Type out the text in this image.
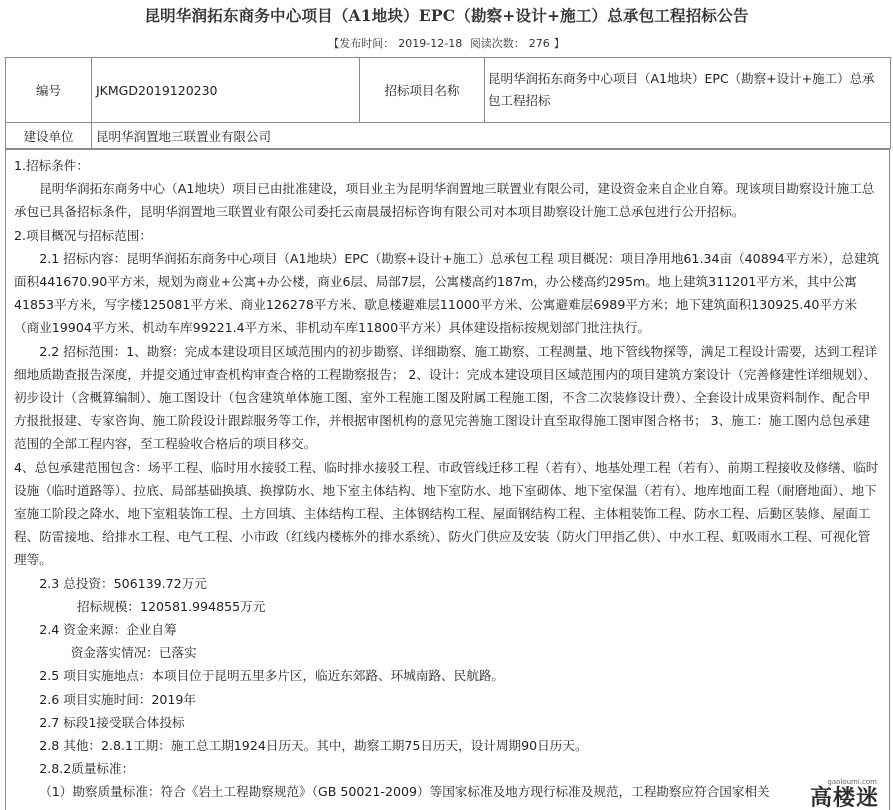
昆明华润拓东商务中心项目（A1地块）EPC（勘察+设计+施工）总承包工程招标公告
【发布时间： 2019-12-18 阅读次数： 276 】
编号	JKMGD2019120230	招标项目名称	昆明华润拓东商务中心项目（A1地块）EPC（勘察+设计+施工）总承包工程招标
建设单位	昆明华润置地三联置业有限公司		

1.招标条件：

昆明华润拓东商务中心（A1地块）项目已由批准建设，项目业主为昆明华润置地三联置业有限公司，建设资金来自企业自筹。现该项目勘察设计施工总承包已具备招标条件，昆明华润置地三联置业有限公司委托云南晨晟招标咨询有限公司对本项目勘察设计施工总承包进行公开招标。

2.项目概况与招标范围：

2.1 招标内容：昆明华润拓东商务中心项目（A1地块）EPC（勘察+设计+施工）总承包工程 项目概况：项目净用地61.34亩（40894平方米），总建筑面积441670.90平方米，规划为商业+公寓+办公楼，商业6层、局部7层，公寓楼高约187m，办公楼高约295m。地上建筑311201平方米，其中公寓41853平方米，写字楼125081平方米、商业126278平方米、歇息楼避难层11000平方米、公寓避难层6989平方米；地下建筑面积130925.40平方米（商业19904平方米、机动车库99221.4平方米、非机动车库11800平方米）具体建设指标按规划部门批注执行。

2.2 招标范围：1、勘察：完成本建设项目区域范围内的初步勘察、详细勘察、施工勘察、工程测量、地下管线物探等，满足工程设计需要，达到工程详细地质勘查报告深度，并提交通过审查机构审查合格的工程勘察报告； 2、设计：完成本建设项目区域范围内的项目建筑方案设计（完善修建性详细规划）、初步设计（含概算编制）、施工图设计（包含建筑单体施工图、室外工程施工图及附属工程施工图，不含二次装修设计费）、全套设计成果资料制作、配合甲方报批报建、专家咨询、施工阶段设计跟踪服务等工作，并根据审图机构的意见完善施工图设计直至取得施工图审图合格书； 3、施工：施工图内总包承建范围的全部工程内容，至工程验收合格后的项目移交。

4、总包承建范围包含：场平工程、临时用水接驳工程、临时排水接驳工程、市政管线迁移工程（若有）、地基处理工程（若有）、前期工程接收及修缮、临时设施（临时道路等）、拉底、局部基础换填、换撑防水、地下室主体结构、地下室防水、地下室砌体、地下室保温（若有）、地库地面工程（耐磨地面）、地下室施工阶段之降水、地下室粗装饰工程、土方回填、主体结构工程、主体钢结构工程、屋面钢结构工程、主体粗装饰工程、防水工程、后勤区装修、屋面工程、防雷接地、给排水工程、电气工程、小市政（红线内楼栋外的排水系统）、防火门供应及安装（防火门甲指乙供）、中水工程、虹吸雨水工程、可视化管理等。

2.3 总投资：506139.72万元

招标规模：120581.994855万元

2.4 资金来源：企业自筹

资金落实情况：已落实

2.5 项目实施地点：本项目位于昆明五里多片区，临近东郊路、环城南路、民航路。

2.6 项目实施时间：2019年

2.7 标段1接受联合体投标

2.8 其他：2.8.1工期：施工总工期1924日历天。其中，勘察工期75日历天，设计周期90日历天。

2.8.2质量标准：

（1）勘察质量标准：符合《岩土工程勘察规范》（GB 50021-2009）等国家标准及地方现行标准及规范，工程勘察应符合国家相关

gaoloumi.com
高楼迷
